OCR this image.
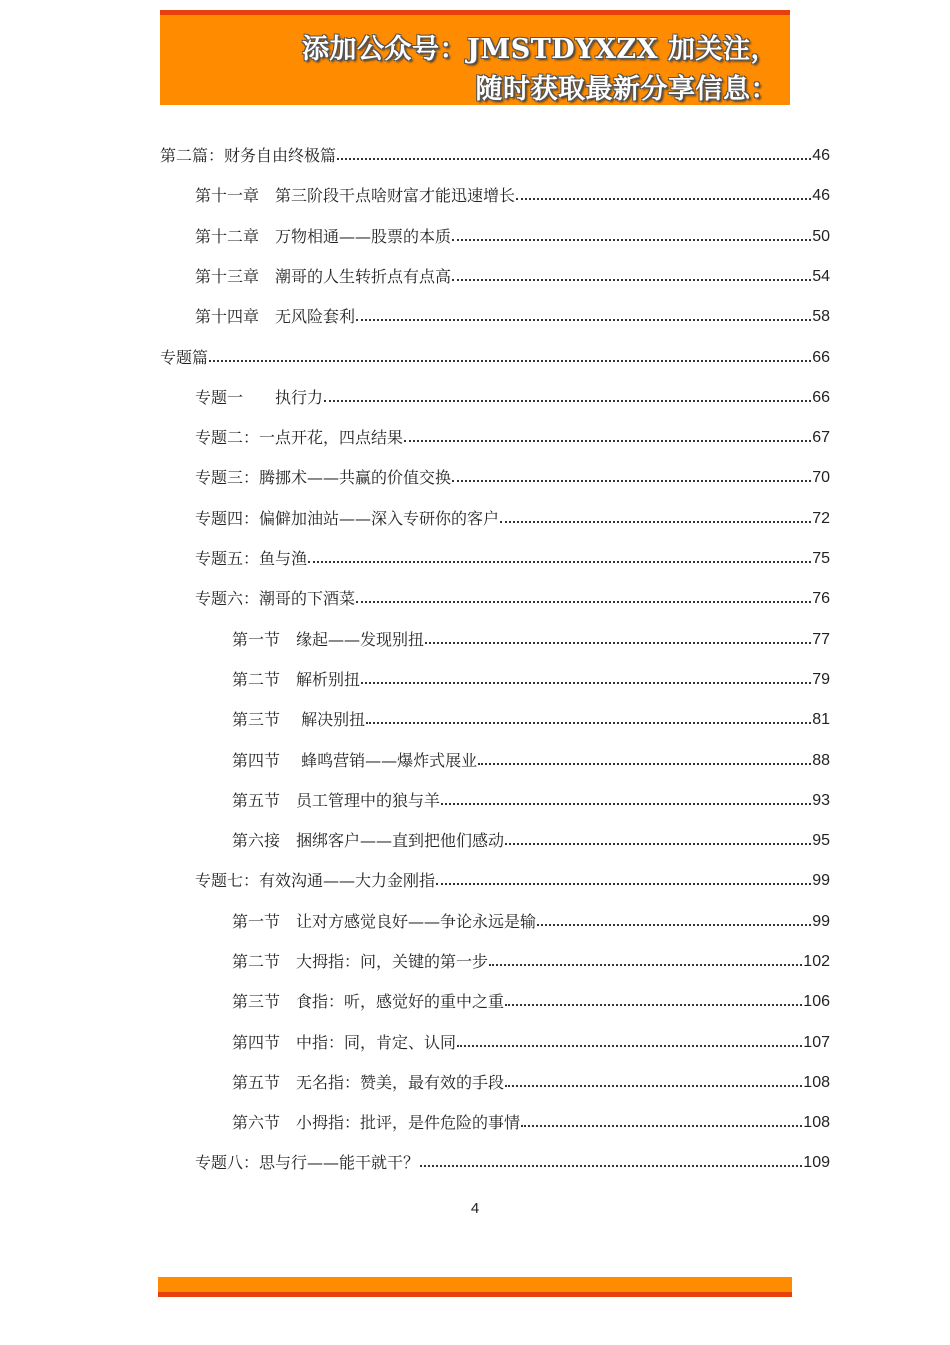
添加公众号：JMSTDYXZX 加关注，
随时获取最新分享信息：
第二篇：财务自由终极篇	46
第十一章　第三阶段干点啥财富才能迅速增长	46
第十二章　万物相通——股票的本质	50
第十三章　潮哥的人生转折点有点高	54
第十四章　无风险套利	58
专题篇	66
专题一　　执行力	66
专题二：一点开花，四点结果	67
专题三：腾挪术——共赢的价值交换	70
专题四：偏僻加油站——深入专研你的客户	72
专题五：鱼与渔	75
专题六：潮哥的下酒菜	76
第一节　缘起——发现别扭	77
第二节　解析别扭	79
第三节　 解决别扭	81
第四节　 蜂鸣营销——爆炸式展业	88
第五节　员工管理中的狼与羊	93
第六接　捆绑客户——直到把他们感动	95
专题七：有效沟通——大力金刚指	99
第一节　让对方感觉良好——争论永远是输	99
第二节　大拇指：问，关键的第一步	102
第三节　食指：听，感觉好的重中之重	106
第四节　中指：同，肯定、认同	107
第五节　无名指：赞美，最有效的手段	108
第六节　小拇指：批评，是件危险的事情	108
专题八：思与行——能干就干？	109
4
